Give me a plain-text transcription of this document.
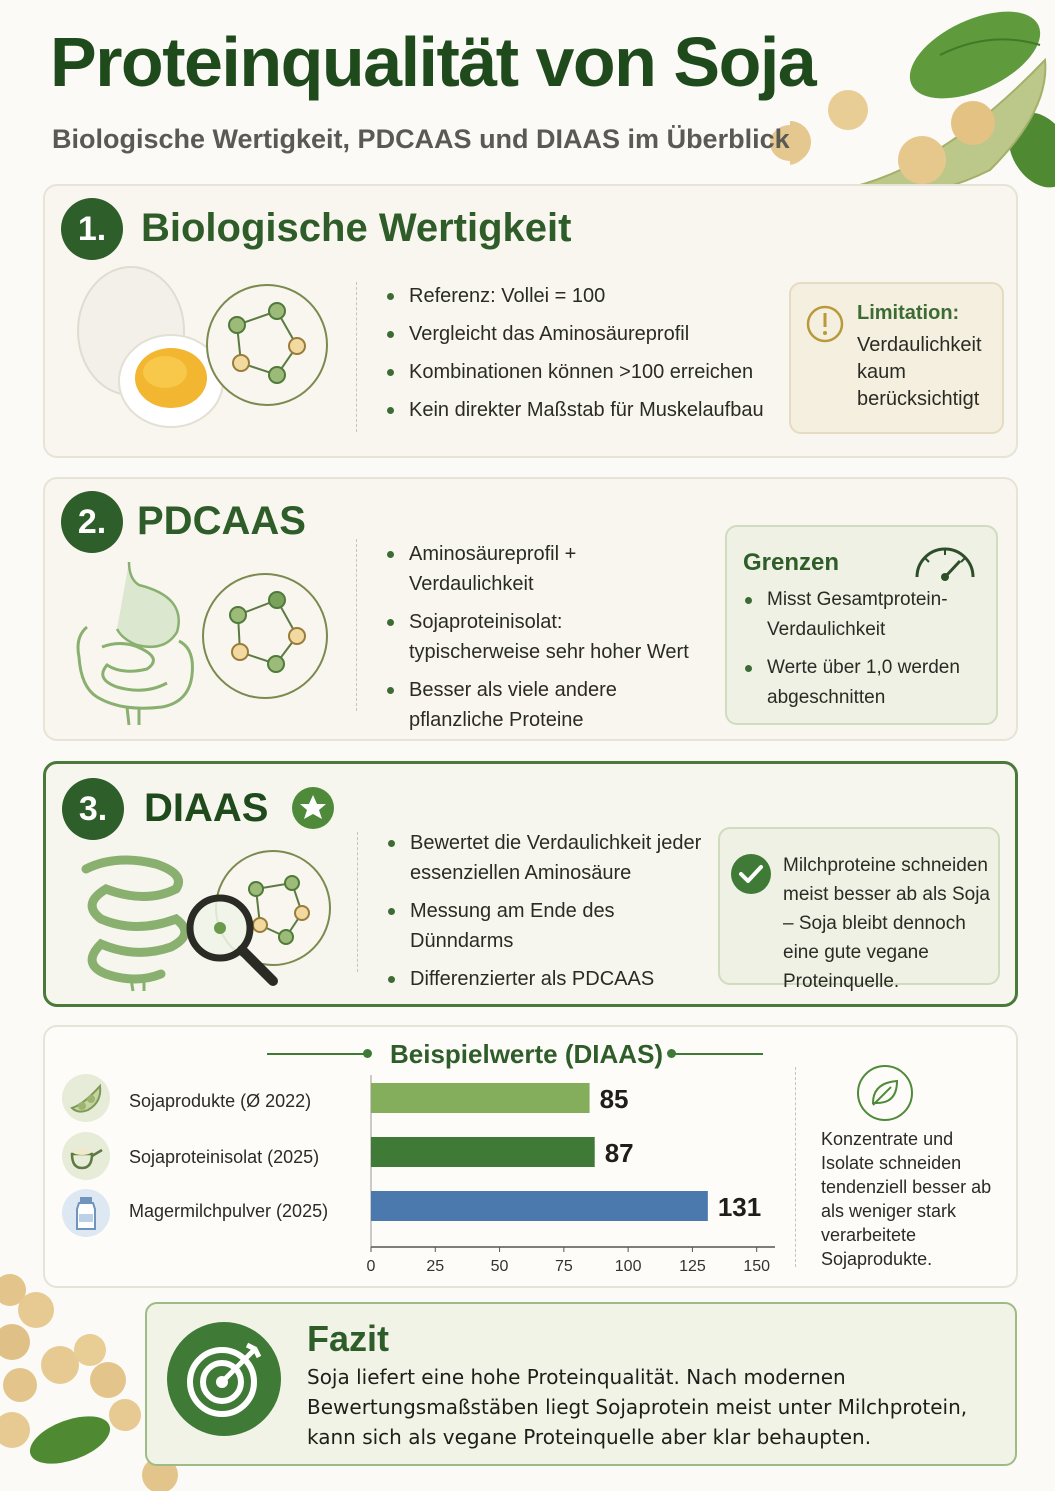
Proteinqualität von Soja
Biologische Wertigkeit, PDCAAS und DIAAS im Überblick
1. Biologische Wertigkeit
Referenz: Vollei = 100
Vergleicht das Aminosäureprofil
Kombinationen können >100 erreichen
Kein direkter Maßstab für Muskelaufbau
Limitation:
Verdaulichkeit kaum berücksichtigt
2. PDCAAS
Aminosäureprofil + Verdaulichkeit
Sojaproteinisolat: typischerweise sehr hoher Wert
Besser als viele andere pflanzliche Proteine
Grenzen
Misst Gesamtprotein-Verdaulichkeit
Werte über 1,0 werden abgeschnitten
3. DIAAS
Bewertet die Verdaulichkeit jeder essenziellen Aminosäure
Messung am Ende des Dünndarms
Differenzierter als PDCAAS
Milchproteine schneiden meist besser ab als Soja – Soja bleibt dennoch eine gute vegane Proteinquelle.
Beispielwerte (DIAAS)
Sojaprodukte (Ø 2022)
Sojaproteinisolat (2025)
Magermilchpulver (2025)
85
87
131
0	25	50	75	100 125 150
Konzentrate und Isolate schneiden tendenziell besser ab als weniger stark verarbeitete Sojaprodukte.
Fazit
Soja liefert eine hohe Proteinqualität. Nach modernen Bewertungsmaßstäben liegt Sojaprotein meist unter Milchprotein, kann sich als vegane Proteinquelle aber klar behaupten.
